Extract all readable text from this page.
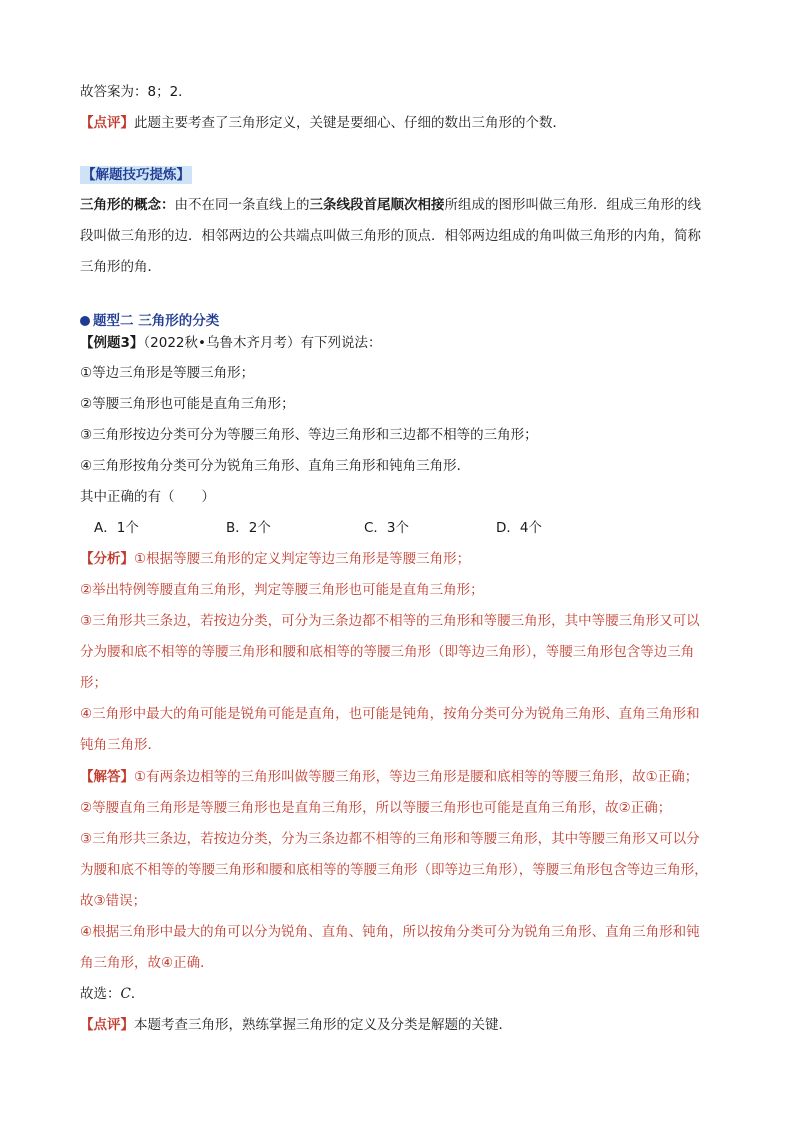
故答案为：8；2．
【点评】此题主要考查了三角形定义，关键是要细心、仔细的数出三角形的个数．
【解题技巧提炼】
三角形的概念：由不在同一条直线上的三条线段首尾顺次相接所组成的图形叫做三角形．组成三角形的线
段叫做三角形的边．相邻两边的公共端点叫做三角形的顶点．相邻两边组成的角叫做三角形的内角，简称
三角形的角．
题型二 三角形的分类
【例题3】（2022秋•乌鲁木齐月考）有下列说法：
①等边三角形是等腰三角形；
②等腰三角形也可能是直角三角形；
③三角形按边分类可分为等腰三角形、等边三角形和三边都不相等的三角形；
④三角形按角分类可分为锐角三角形、直角三角形和钝角三角形．
其中正确的有（　　）
A．1个	B．2个	C．3个	D．4个
【分析】①根据等腰三角形的定义判定等边三角形是等腰三角形；
②举出特例等腰直角三角形，判定等腰三角形也可能是直角三角形；
③三角形共三条边，若按边分类，可分为三条边都不相等的三角形和等腰三角形，其中等腰三角形又可以
分为腰和底不相等的等腰三角形和腰和底相等的等腰三角形（即等边三角形），等腰三角形包含等边三角
形；
④三角形中最大的角可能是锐角可能是直角，也可能是钝角，按角分类可分为锐角三角形、直角三角形和
钝角三角形．
【解答】①有两条边相等的三角形叫做等腰三角形，等边三角形是腰和底相等的等腰三角形，故①正确；
②等腰直角三角形是等腰三角形也是直角三角形，所以等腰三角形也可能是直角三角形，故②正确；
③三角形共三条边，若按边分类，分为三条边都不相等的三角形和等腰三角形，其中等腰三角形又可以分
为腰和底不相等的等腰三角形和腰和底相等的等腰三角形（即等边三角形），等腰三角形包含等边三角形，
故③错误；
④根据三角形中最大的角可以分为锐角、直角、钝角，所以按角分类可分为锐角三角形、直角三角形和钝
角三角形，故④正确．
故选：C．
【点评】本题考查三角形，熟练掌握三角形的定义及分类是解题的关键．
